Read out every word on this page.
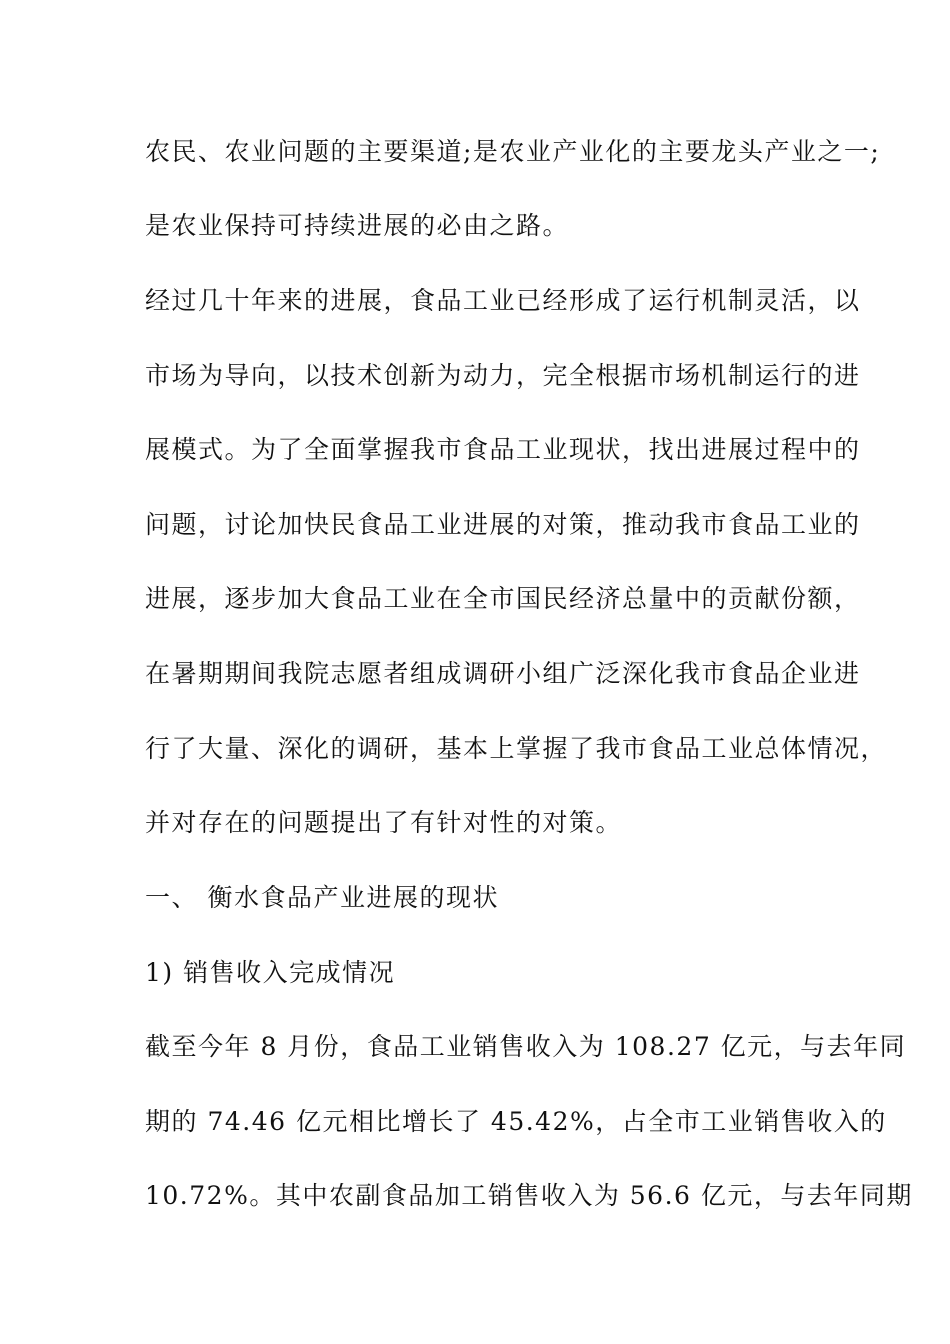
农民、农业问题的主要渠道;是农业产业化的主要龙头产业之一;
是农业保持可持续进展的必由之路。
经过几十年来的进展，食品工业已经形成了运行机制灵活，以
市场为导向，以技术创新为动力，完全根据市场机制运行的进
展模式。为了全面掌握我市食品工业现状，找出进展过程中的
问题，讨论加快民食品工业进展的对策，推动我市食品工业的
进展，逐步加大食品工业在全市国民经济总量中的贡献份额，
在暑期期间我院志愿者组成调研小组广泛深化我市食品企业进
行了大量、深化的调研，基本上掌握了我市食品工业总体情况，
并对存在的问题提出了有针对性的对策。
一、 衡水食品产业进展的现状
1) 销售收入完成情况
截至今年 8 月份，食品工业销售收入为 108.27 亿元，与去年同
期的 74.46 亿元相比增长了 45.42%，占全市工业销售收入的
10.72%。其中农副食品加工销售收入为 56.6 亿元，与去年同期
